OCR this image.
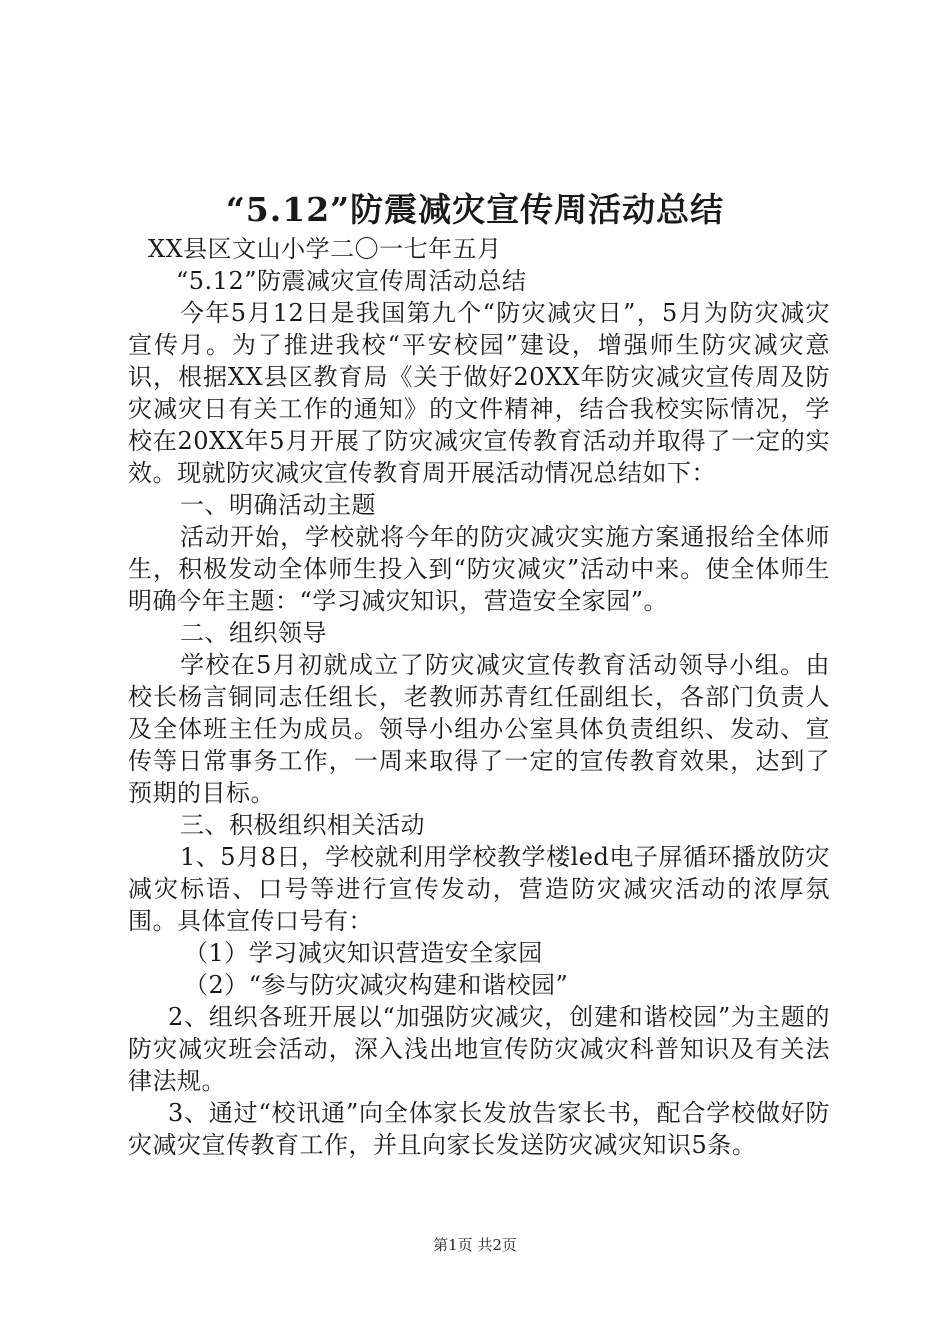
“5.12”防震减灾宣传周活动总结

XX县区文山小学二〇一七年五月

“5.12”防震减灾宣传周活动总结

今年5月12日是我国第九个“防灾减灾日”，5月为防灾减灾宣传月。为了推进我校“平安校园”建设，增强师生防灾减灾意识，根据XX县区教育局《关于做好20XX年防灾减灾宣传周及防灾减灾日有关工作的通知》的文件精神，结合我校实际情况，学校在20XX年5月开展了防灾减灾宣传教育活动并取得了一定的实效。现就防灾减灾宣传教育周开展活动情况总结如下：

一、明确活动主题

活动开始，学校就将今年的防灾减灾实施方案通报给全体师生，积极发动全体师生投入到“防灾减灾”活动中来。使全体师生明确今年主题：“学习减灾知识，营造安全家园”。

二、组织领导

学校在5月初就成立了防灾减灾宣传教育活动领导小组。由校长杨言铜同志任组长，老教师苏青红任副组长，各部门负责人及全体班主任为成员。领导小组办公室具体负责组织、发动、宣传等日常事务工作，一周来取得了一定的宣传教育效果，达到了预期的目标。

三、积极组织相关活动

1、5月8日，学校就利用学校教学楼led电子屏循环播放防灾减灾标语、口号等进行宣传发动，营造防灾减灾活动的浓厚氛围。具体宣传口号有：

（1）学习减灾知识营造安全家园

（2）“参与防灾减灾构建和谐校园”

2、组织各班开展以“加强防灾减灾，创建和谐校园”为主题的防灾减灾班会活动，深入浅出地宣传防灾减灾科普知识及有关法律法规。

3、通过“校讯通”向全体家长发放告家长书，配合学校做好防灾减灾宣传教育工作，并且向家长发送防灾减灾知识5条。

第1页 共2页
